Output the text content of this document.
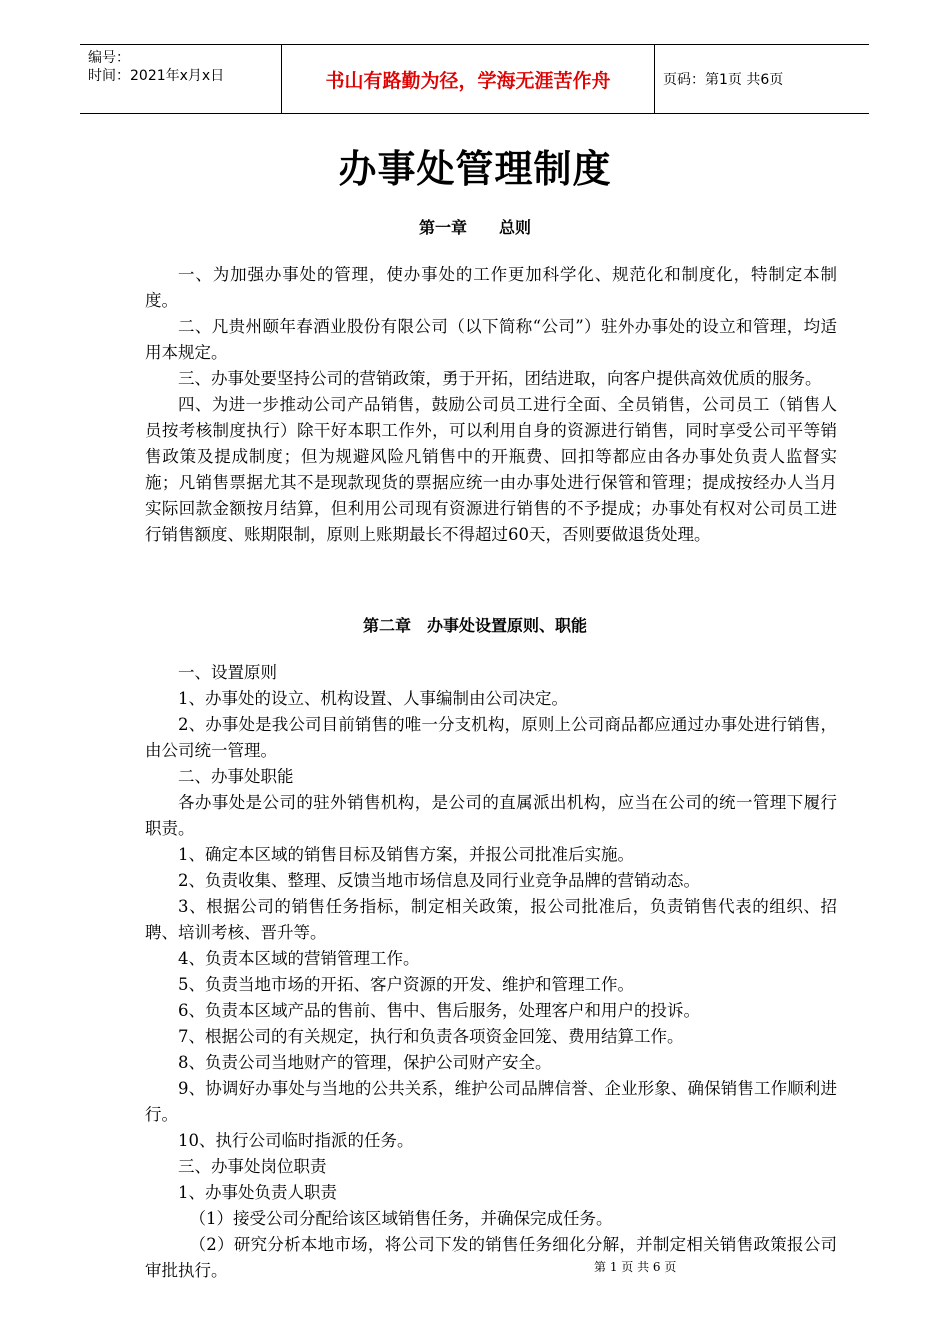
编号：
时间：2021年x月x日	书山有路勤为径，学海无涯苦作舟	页码：第1页 共6页
办事处管理制度
第一章　　总则

一、为加强办事处的管理，使办事处的工作更加科学化、规范化和制度化，特制定本制度。

二、凡贵州颐年春酒业股份有限公司（以下简称“公司”）驻外办事处的设立和管理，均适用本规定。

三、办事处要坚持公司的营销政策，勇于开拓，团结进取，向客户提供高效优质的服务。

四、为进一步推动公司产品销售，鼓励公司员工进行全面、全员销售，公司员工（销售人员按考核制度执行）除干好本职工作外，可以利用自身的资源进行销售，同时享受公司平等销售政策及提成制度；但为规避风险凡销售中的开瓶费、回扣等都应由各办事处负责人监督实施；凡销售票据尤其不是现款现货的票据应统一由办事处进行保管和管理；提成按经办人当月实际回款金额按月结算，但利用公司现有资源进行销售的不予提成；办事处有权对公司员工进行销售额度、账期限制，原则上账期最长不得超过60天，否则要做退货处理。

第二章　办事处设置原则、职能

一、设置原则

1、办事处的设立、机构设置、人事编制由公司决定。

2、办事处是我公司目前销售的唯一分支机构，原则上公司商品都应通过办事处进行销售，由公司统一管理。

二、办事处职能

各办事处是公司的驻外销售机构，是公司的直属派出机构，应当在公司的统一管理下履行职责。

1、确定本区域的销售目标及销售方案，并报公司批准后实施。

2、负责收集、整理、反馈当地市场信息及同行业竞争品牌的营销动态。

3、根据公司的销售任务指标，制定相关政策，报公司批准后，负责销售代表的组织、招聘、培训考核、晋升等。

4、负责本区域的营销管理工作。

5、负责当地市场的开拓、客户资源的开发、维护和管理工作。

6、负责本区域产品的售前、售中、售后服务，处理客户和用户的投诉。

7、根据公司的有关规定，执行和负责各项资金回笼、费用结算工作。

8、负责公司当地财产的管理，保护公司财产安全。

9、协调好办事处与当地的公共关系，维护公司品牌信誉、企业形象、确保销售工作顺利进行。

10、执行公司临时指派的任务。

三、办事处岗位职责

1、办事处负责人职责

（1）接受公司分配给该区域销售任务，并确保完成任务。

（2）研究分析本地市场，将公司下发的销售任务细化分解，并制定相关销售政策报公司审批执行。	第 1 页 共 6 页
